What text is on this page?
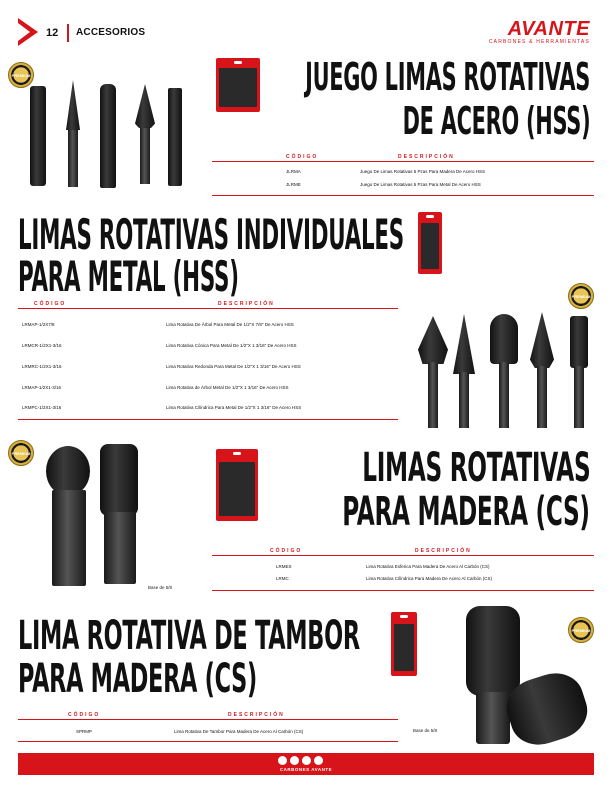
12 ACCESORIOS	AVANTE
CARBONES & HERRAMIENTAS
PREMIUM	JUEGO LIMAS ROTATIVAS
DE ACERO (HSS)
CÓDIGO	DESCRIPCIÓN
JLRMA	Juego De Limas Rotativas 5 Pzas Para Madera De Acero HSS
JLRME	Juego De Limas Rotativas 5 Pzas Para Metal De Acero HSS
LIMAS ROTATIVAS INDIVIDUALES
PARA METAL (HSS)
CÓDIGO	DESCRIPCIÓN
LRMAP-1/2X7/8	Lima Rotativa De Árbol Para Metal De 1/2"X 7/8" De Acero HSS
LRMCR-1/2X1-3/16	Lima Rotativa Cónica Para Metal De 1/2"X 1 3/16" De Acero HSS
LRMRC-1/2X1-3/16	Lima Rotativa Redonda Para Metal De 1/2"X 1 3/16" De Acero HSS
LRMAP-1/2X1-3/16	Lima Rotativa de Árbol Metal De 1/2"X 1 3/16" De Acero HSS
LRMPC-1/2X1-3/16	Lima Rotativa Cilíndrica Para Metal De 1/2"X 1 3/16" De Acero HSS
PREMIUM
PREMIUM
Base de 5/8
LIMAS ROTATIVAS
PARA MADERA (CS)
CÓDIGO	DESCRIPCIÓN
LRMES	Lima Rotativa Esferica Para Madera De Acero Al Carbón (CS)
LRMC	Lima Rotativa Cilíndrica Para Madera De Acero Al Carbón (CS)
LIMA ROTATIVA DE TAMBOR
PARA MADERA (CS)
CÓDIGO	DESCRIPCIÓN
SPRMP	Lima Rotativa De Tambor Para Madera De Acero Al Carbón (CS)	Base de 5/8
PREMIUM
CARBONES AVANTE
